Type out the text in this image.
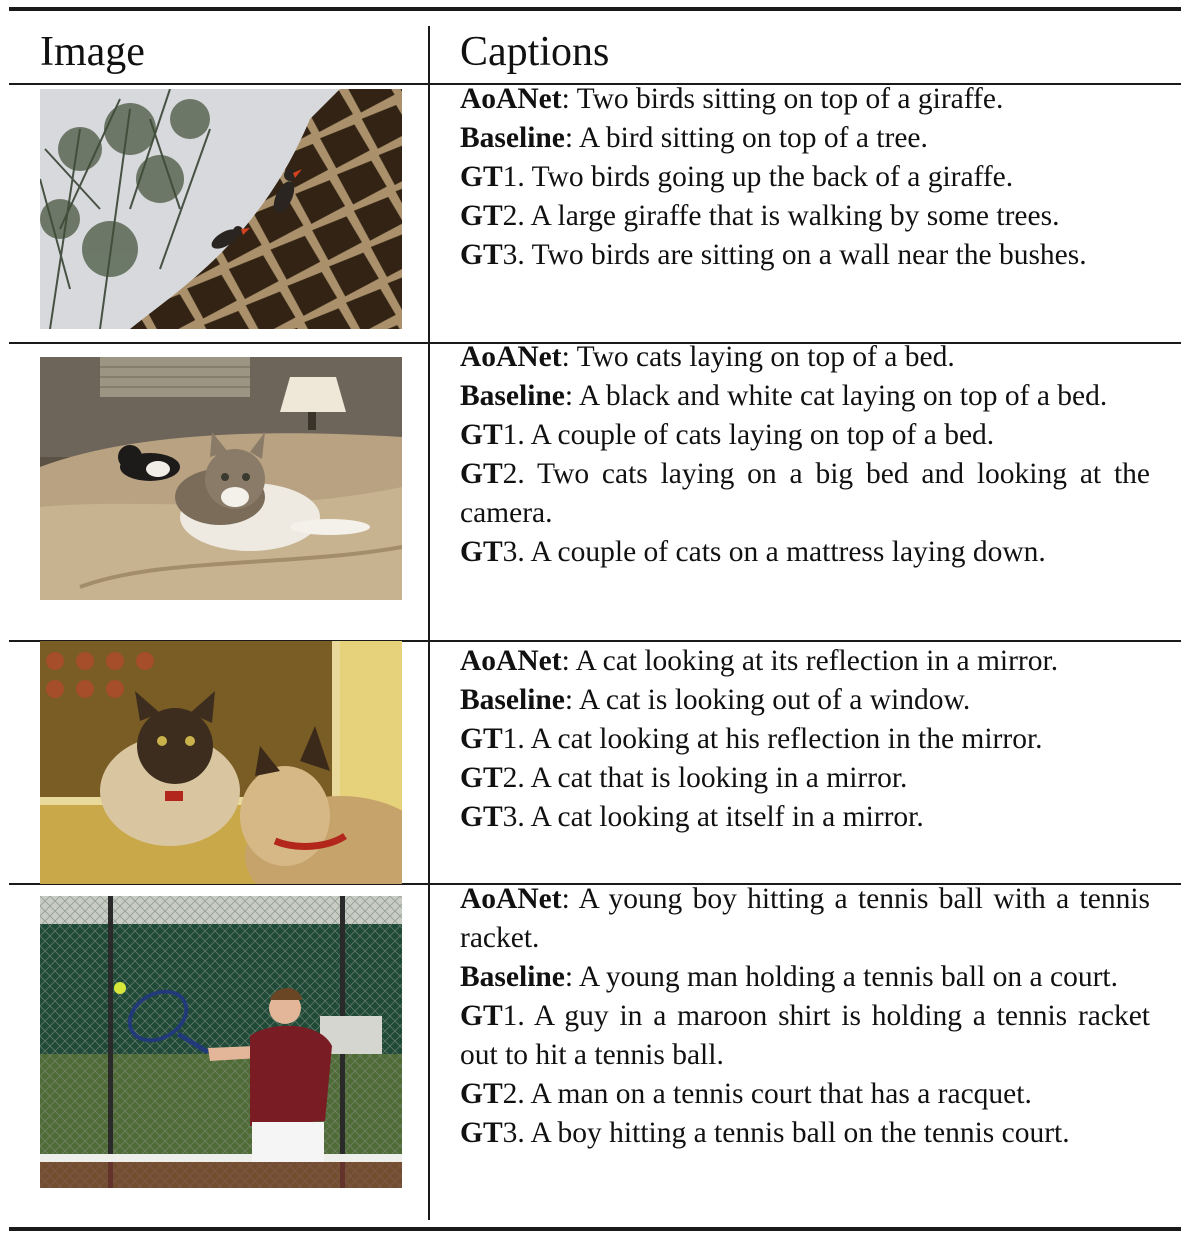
Image	Captions

AoANet: Two birds sitting on top of a giraffe.

Baseline: A bird sitting on top of a tree.

GT1. Two birds going up the back of a giraffe.

GT2. A large giraffe that is walking by some trees.

GT3. Two birds are sitting on a wall near the bushes.

AoANet: Two cats laying on top of a bed.

Baseline: A black and white cat laying on top of a bed.

GT1. A couple of cats laying on top of a bed.

GT2. Two cats laying on a big bed and looking at the camera.

GT3. A couple of cats on a mattress laying down.

AoANet: A cat looking at its reflection in a mirror.

Baseline: A cat is looking out of a window.

GT1. A cat looking at his reflection in the mirror.

GT2. A cat that is looking in a mirror.

GT3. A cat looking at itself in a mirror.

AoANet: A young boy hitting a tennis ball with a tennis racket.

Baseline: A young man holding a tennis ball on a court.

GT1. A guy in a maroon shirt is holding a tennis racket out to hit a tennis ball.

GT2. A man on a tennis court that has a racquet.

GT3. A boy hitting a tennis ball on the tennis court.
